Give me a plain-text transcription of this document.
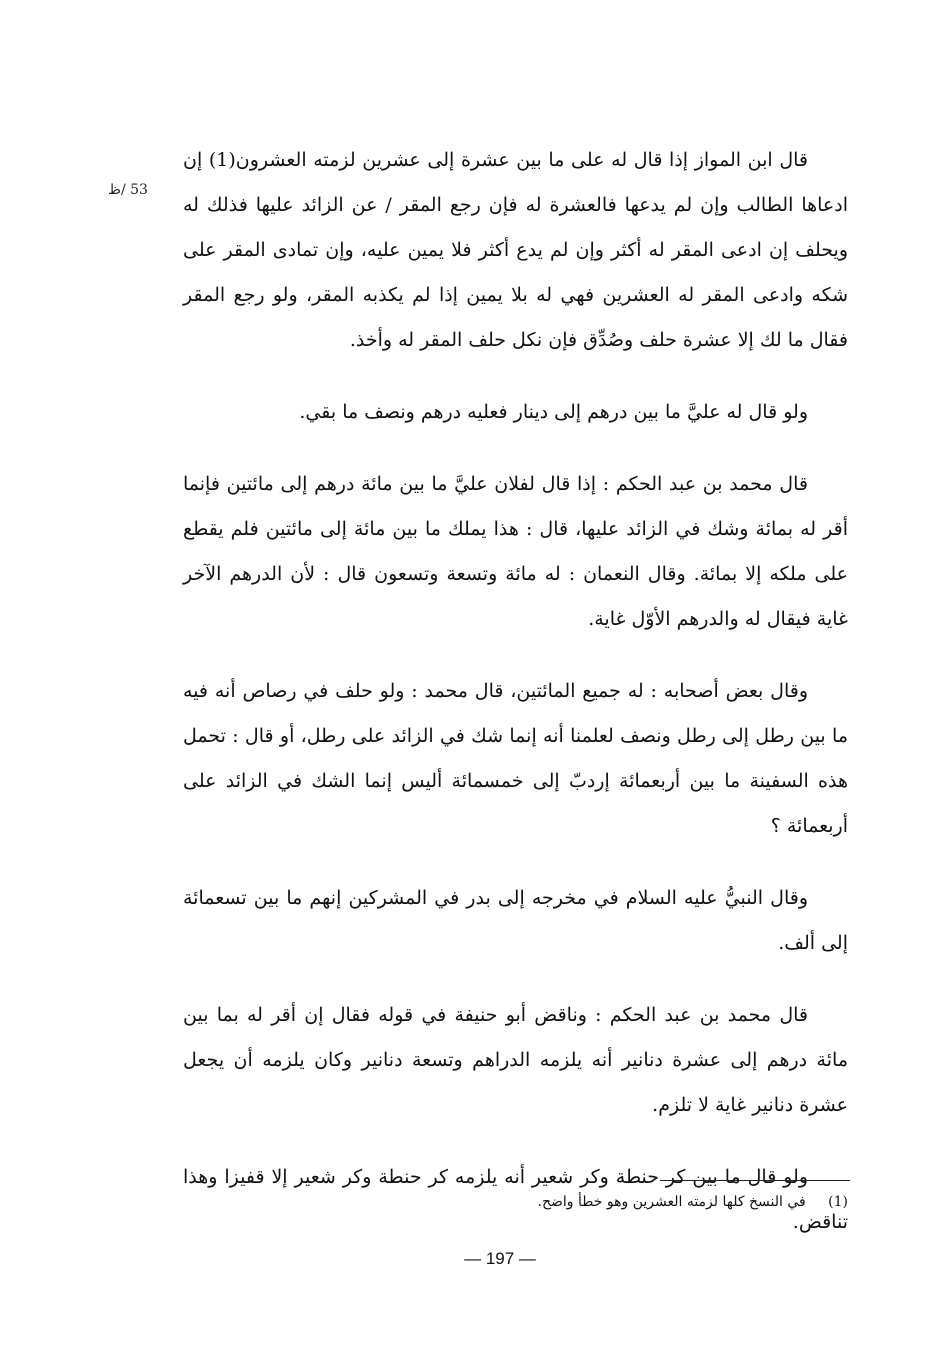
53 /ظ

قال ابن المواز إذا قال له على ما بين عشرة إلى عشرين لزمته العشرون(1) إن ادعاها الطالب وإن لم يدعها فالعشرة له فإن رجع المقر / عن الزائد عليها فذلك له ويحلف إن ادعى المقر له أكثر وإن لم يدع أكثر فلا يمين عليه، وإن تمادى المقر على شكه وادعى المقر له العشرين فهي له بلا يمين إذا لم يكذبه المقر، ولو رجع المقر فقال ما لك إلا عشرة حلف وصُدِّق فإن نكل حلف المقر له وأخذ.

ولو قال له عليَّ ما بين درهم إلى دينار فعليه درهم ونصف ما بقي.

قال محمد بن عبد الحكم : إذا قال لفلان عليَّ ما بين مائة درهم إلى مائتين فإنما أقر له بمائة وشك في الزائد عليها، قال : هذا يملك ما بين مائة إلى مائتين فلم يقطع على ملكه إلا بمائة. وقال النعمان : له مائة وتسعة وتسعون قال : لأن الدرهم الآخر غاية فيقال له والدرهم الأوّل غاية.

وقال بعض أصحابه : له جميع المائتين، قال محمد : ولو حلف في رصاص أنه فيه ما بين رطل إلى رطل ونصف لعلمنا أنه إنما شك في الزائد على رطل، أو قال : تحمل هذه السفينة ما بين أربعمائة إردبّ إلى خمسمائة أليس إنما الشك في الزائد على أربعمائة ؟

وقال النبيُّ عليه السلام في مخرجه إلى بدر في المشركين إنهم ما بين تسعمائة إلى ألف.

قال محمد بن عبد الحكم : وناقض أبو حنيفة في قوله فقال إن أقر له بما بين مائة درهم إلى عشرة دنانير أنه يلزمه الدراهم وتسعة دنانير وكان يلزمه أن يجعل عشرة دنانير غاية لا تلزم.

ولو قال ما بين كر حنطة وكر شعير أنه يلزمه كر حنطة وكر شعير إلا قفيزا وهذا تناقض.

(1) في النسخ كلها لزمته العشرين وهو خطأ واضح.
— 197 —
